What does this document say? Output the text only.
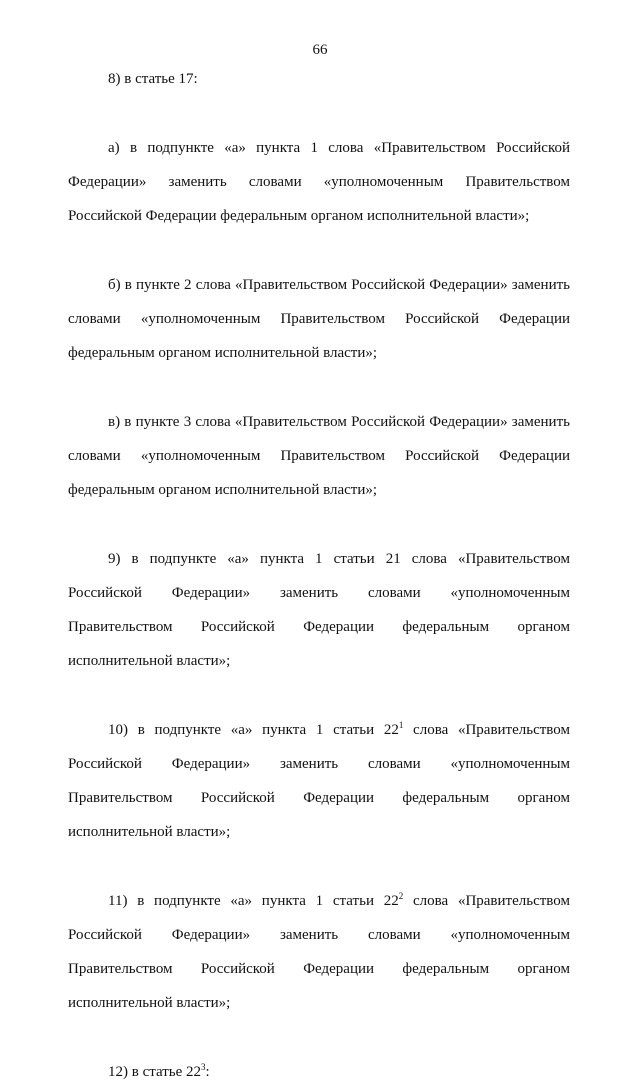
66

8) в статье 17:

а) в подпункте «а» пункта 1 слова «Правительством Российской Федерации» заменить словами «уполномоченным Правительством Российской Федерации федеральным органом исполнительной власти»;

б) в пункте 2 слова «Правительством Российской Федерации» заменить словами «уполномоченным Правительством Российской Федерации федеральным органом исполнительной власти»;

в) в пункте 3 слова «Правительством Российской Федерации» заменить словами «уполномоченным Правительством Российской Федерации федеральным органом исполнительной власти»;

9) в подпункте «а» пункта 1 статьи 21 слова «Правительством Российской Федерации» заменить словами «уполномоченным Правительством Российской Федерации федеральным органом исполнительной власти»;

10) в подпункте «а» пункта 1 статьи $22^1$ слова «Правительством Российской Федерации» заменить словами «уполномоченным Правительством Российской Федерации федеральным органом исполнительной власти»;

11) в подпункте «а» пункта 1 статьи $22^2$ слова «Правительством Российской Федерации» заменить словами «уполномоченным Правительством Российской Федерации федеральным органом исполнительной власти»;

12) в статье $22^3$:
